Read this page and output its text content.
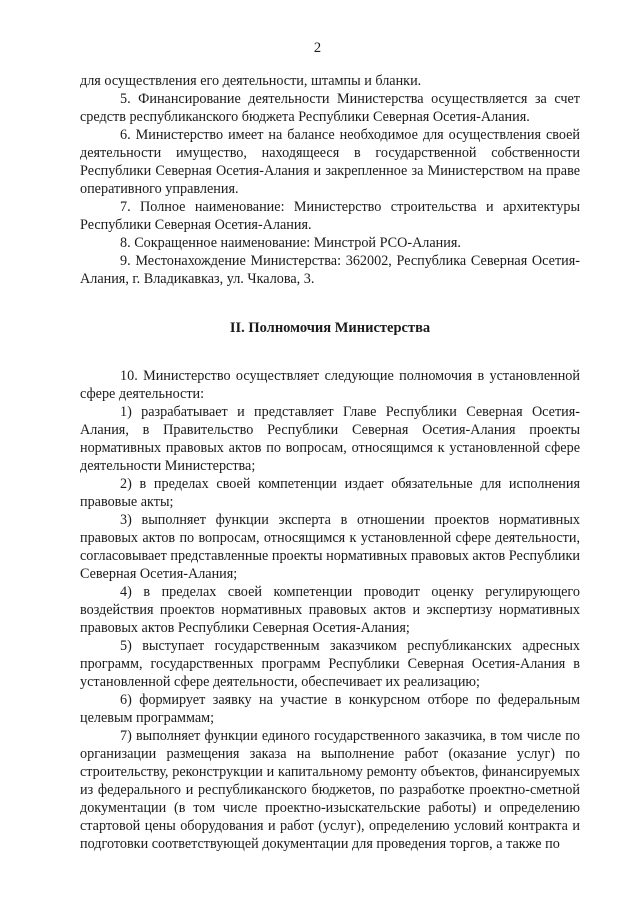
2

для осуществления его деятельности, штампы и бланки.

5. Финансирование деятельности Министерства осуществляется за счет средств республиканского бюджета Республики Северная Осетия-Алания.

6. Министерство имеет на балансе необходимое для осуществления своей деятельности имущество, находящееся в государственной собственности Республики Северная Осетия-Алания и закрепленное за Министерством на праве оперативного управления.

7. Полное наименование: Министерство строительства и архитектуры Республики Северная Осетия-Алания.

8. Сокращенное наименование: Минстрой РСО-Алания.

9. Местонахождение Министерства: 362002, Республика Северная Осетия-Алания, г. Владикавказ, ул. Чкалова, 3.

II. Полномочия Министерства

10. Министерство осуществляет следующие полномочия в установленной сфере деятельности:

1) разрабатывает и представляет Главе Республики Северная Осетия-Алания, в Правительство Республики Северная Осетия-Алания проекты нормативных правовых актов по вопросам, относящимся к установленной сфере деятельности Министерства;

2) в пределах своей компетенции издает обязательные для исполнения правовые акты;

3) выполняет функции эксперта в отношении проектов нормативных правовых актов по вопросам, относящимся к установленной сфере деятельности, согласовывает представленные проекты нормативных правовых актов Республики Северная Осетия-Алания;

4) в пределах своей компетенции проводит оценку регулирующего воздействия проектов нормативных правовых актов и экспертизу нормативных правовых актов Республики Северная Осетия-Алания;

5) выступает государственным заказчиком республиканских адресных программ, государственных программ Республики Северная Осетия-Алания в установленной сфере деятельности, обеспечивает их реализацию;

6) формирует заявку на участие в конкурсном отборе по федеральным целевым программам;

7) выполняет функции единого государственного заказчика, в том числе по организации размещения заказа на выполнение работ (оказание услуг) по строительству, реконструкции и капитальному ремонту объектов, финансируемых из федерального и республиканского бюджетов, по разработке проектно-сметной документации (в том числе проектно-изыскательские работы) и определению стартовой цены оборудования и работ (услуг), определению условий контракта и подготовки соответствующей документации для проведения торгов, а также по
